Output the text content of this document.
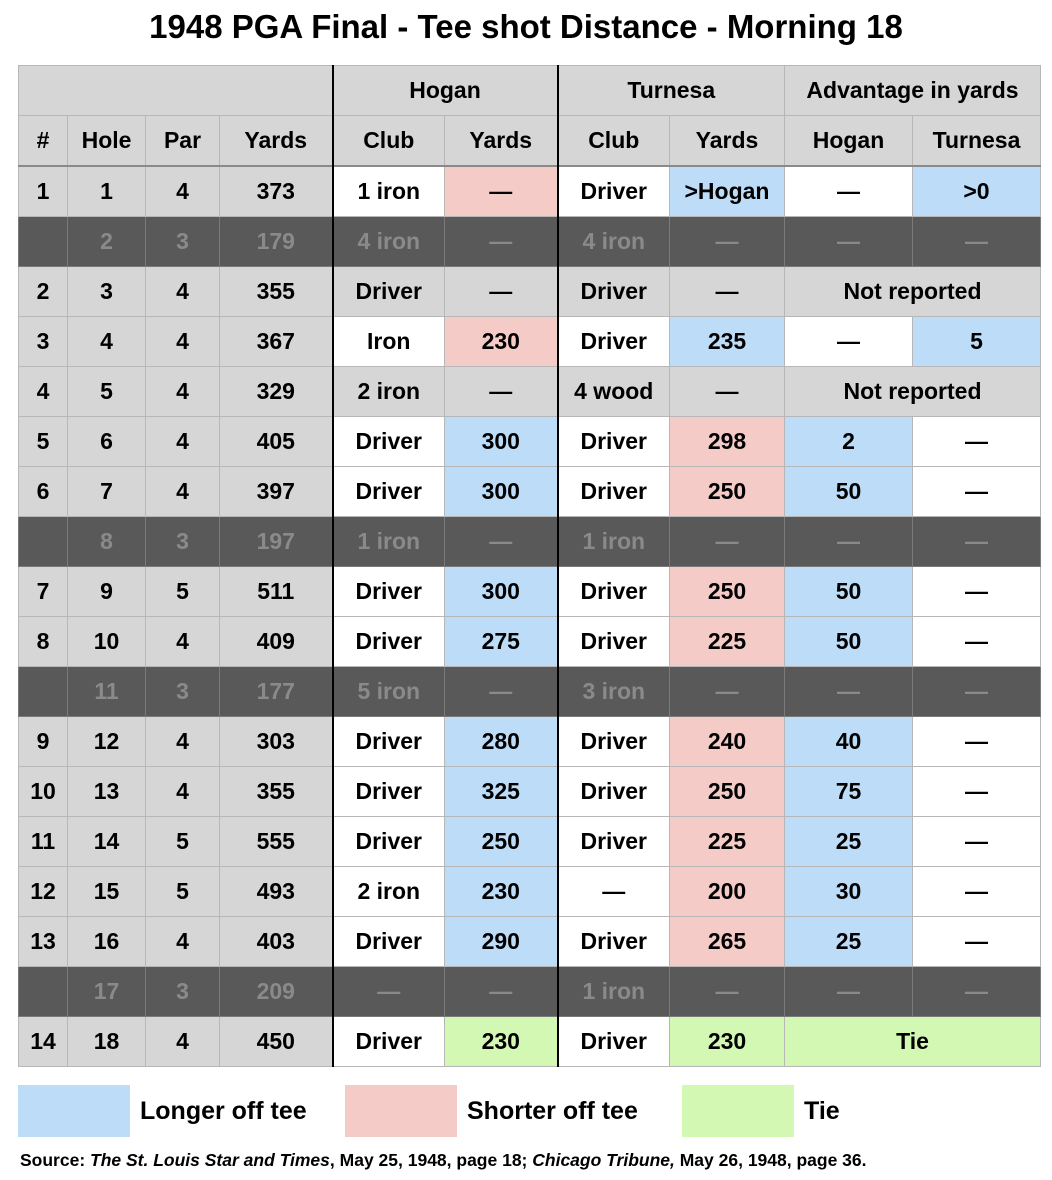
1948 PGA Final - Tee shot Distance - Morning 18
				Hogan		Turnesa		Advantage in yards	
#	Hole	Par	Yards	Club	Yards	Club	Yards	Hogan	Turnesa
1	1	4	373	1 iron	—	Driver	>Hogan	—	>0
	2	3	179	4 iron	—	4 iron	—	—	—
2	3	4	355	Driver	—	Driver	—	Not reported	
3	4	4	367	Iron	230	Driver	235	—	5
4	5	4	329	2 iron	—	4 wood	—	Not reported	
5	6	4	405	Driver	300	Driver	298	2	—
6	7	4	397	Driver	300	Driver	250	50	—
	8	3	197	1 iron	—	1 iron	—	—	—
7	9	5	511	Driver	300	Driver	250	50	—
8	10	4	409	Driver	275	Driver	225	50	—
	11	3	177	5 iron	—	3 iron	—	—	—
9	12	4	303	Driver	280	Driver	240	40	—
10	13	4	355	Driver	325	Driver	250	75	—
11	14	5	555	Driver	250	Driver	225	25	—
12	15	5	493	2 iron	230	—	200	30	—
13	16	4	403	Driver	290	Driver	265	25	—
	17	3	209	—	—	1 iron	—	—	—
14	18	4	450	Driver	230	Driver	230	Tie	
Longer off tee	Shorter off tee	Tie
Source: The St. Louis Star and Times, May 25, 1948, page 18; Chicago Tribune, May 26, 1948, page 36.
